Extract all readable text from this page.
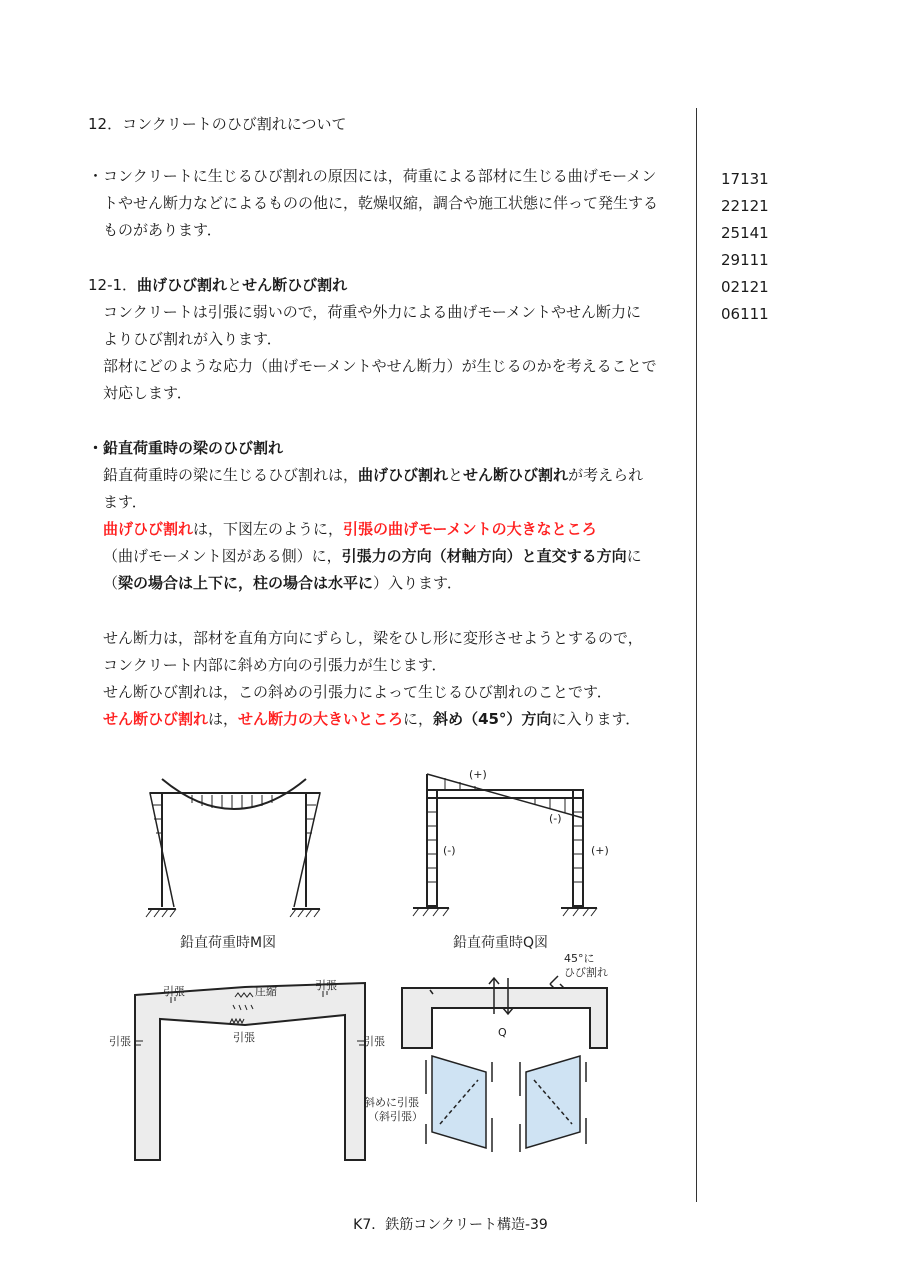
12．コンクリートのひび割れについて
・コンクリートに生じるひび割れの原因には，荷重による部材に生じる曲げモーメン
トやせん断力などによるものの他に，乾燥収縮，調合や施工状態に伴って発生する
ものがあります．
12-1．曲げひび割れとせん断ひび割れ
コンクリートは引張に弱いので，荷重や外力による曲げモーメントやせん断力に
よりひび割れが入ります．
部材にどのような応力（曲げモーメントやせん断力）が生じるのかを考えることで
対応します．
・鉛直荷重時の梁のひび割れ
鉛直荷重時の梁に生じるひび割れは，曲げひび割れとせん断ひび割れが考えられ
ます．
曲げひび割れは，下図左のように，引張の曲げモーメントの大きなところ
（曲げモーメント図がある側）に，引張力の方向（材軸方向）と直交する方向に
（梁の場合は上下に，柱の場合は水平に）入ります．
せん断力は，部材を直角方向にずらし，梁をひし形に変形させようとするので，
コンクリート内部に斜め方向の引張力が生じます．
せん断ひび割れは，この斜めの引張力によって生じるひび割れのことです．
せん断ひび割れは，せん断力の大きいところに，斜め（45°）方向に入ります．
17131
22121
25141
29111
02121
06111
鉛直荷重時M図
(+)
(-)
(-)	(+)
鉛直荷重時Q図
引張	圧縮	引張
引張	引張	引張
45°に
ひび割れ
Q
斜めに引張
（斜引張）
K7．鉄筋コンクリート構造-39
